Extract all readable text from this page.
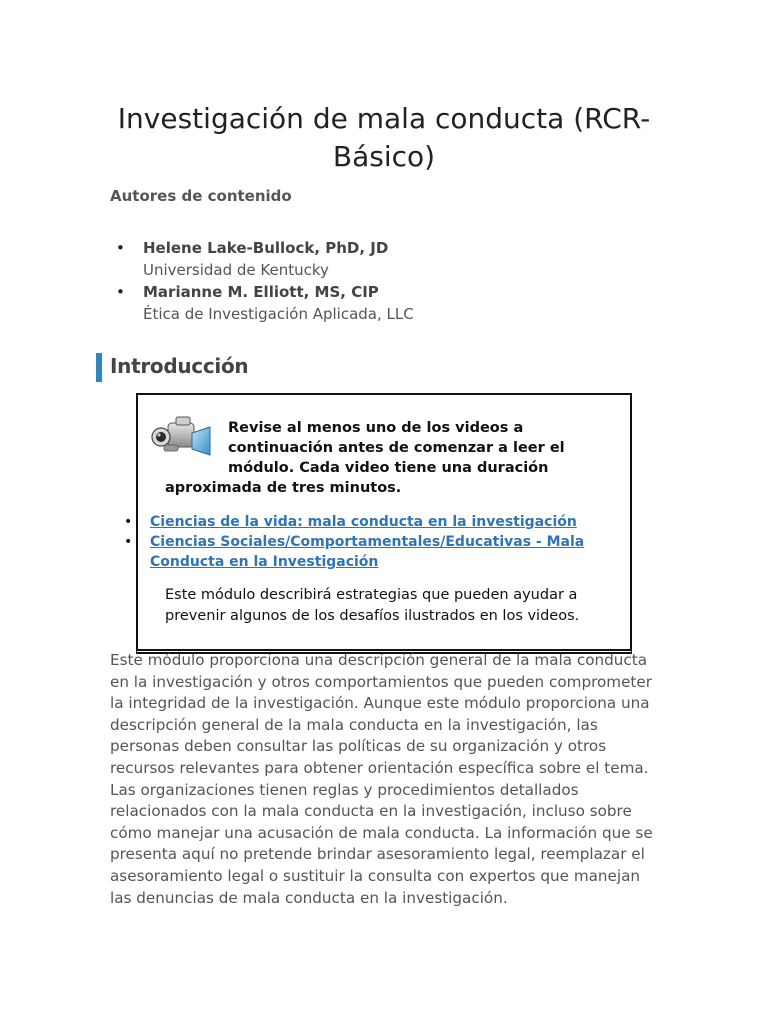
Investigación de mala conducta (RCR-Básico)
Autores de contenido
• Helene Lake-Bullock, PhD, JD
Universidad de Kentucky
• Marianne M. Elliott, MS, CIP
Ética de Investigación Aplicada, LLC
Introducción

Revise al menos uno de los videos a continuación antes de comenzar a leer el módulo. Cada video tiene una duración

aproximada de tres minutos.

• Ciencias de la vida: mala conducta en la investigación
• Ciencias Sociales/Comportamentales/Educativas - Mala Conducta en la Investigación

Este módulo describirá estrategias que pueden ayudar a prevenir algunos de los desafíos ilustrados en los videos.

Este módulo proporciona una descripción general de la mala conducta en la investigación y otros comportamientos que pueden comprometer la integridad de la investigación. Aunque este módulo proporciona una descripción general de la mala conducta en la investigación, las personas deben consultar las políticas de su organización y otros recursos relevantes para obtener orientación específica sobre el tema. Las organizaciones tienen reglas y procedimientos detallados relacionados con la mala conducta en la investigación, incluso sobre cómo manejar una acusación de mala conducta. La información que se presenta aquí no pretende brindar asesoramiento legal, reemplazar el asesoramiento legal o sustituir la consulta con expertos que manejan las denuncias de mala conducta en la investigación.
